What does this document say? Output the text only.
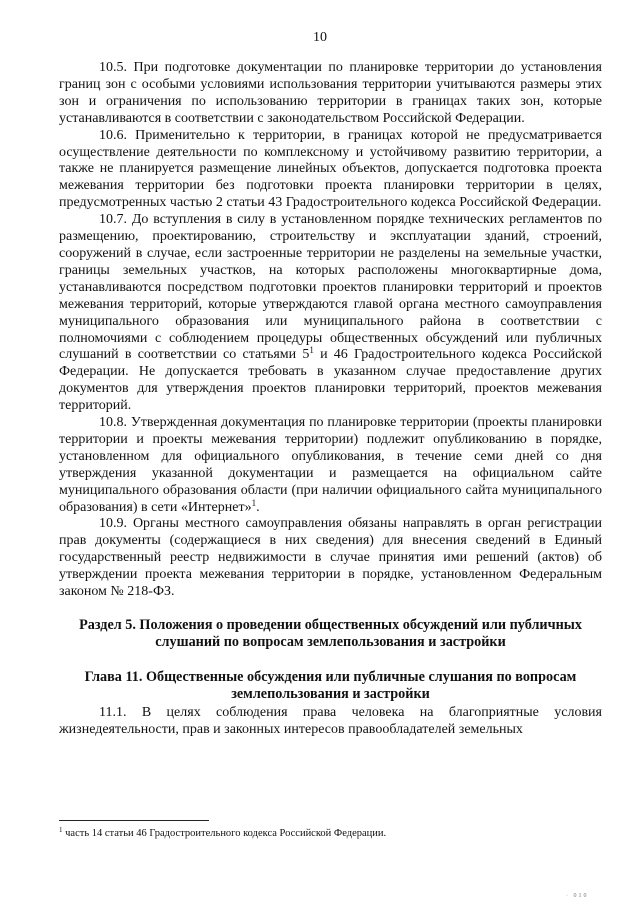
10

10.5. При подготовке документации по планировке территории до установления границ зон с особыми условиями использования территории учитываются размеры этих зон и ограничения по использованию территории в границах таких зон, которые устанавливаются в соответствии с законодательством Российской Федерации.

10.6. Применительно к территории, в границах которой не предусматривается осуществление деятельности по комплексному и устойчивому развитию территории, а также не планируется размещение линейных объектов, допускается подготовка проекта межевания территории без подготовки проекта планировки территории в целях, предусмотренных частью 2 статьи 43 Градостроительного кодекса Российской Федерации.

10.7. До вступления в силу в установленном порядке технических регламентов по размещению, проектированию, строительству и эксплуатации зданий, строений, сооружений в случае, если застроенные территории не разделены на земельные участки, границы земельных участков, на которых расположены многоквартирные дома, устанавливаются посредством подготовки проектов планировки территорий и проектов межевания территорий, которые утверждаются главой органа местного самоуправления муниципального образования или муниципального района в соответствии с полномочиями с соблюдением процедуры общественных обсуждений или публичных слушаний в соответствии со статьями $5^1$ и 46 Градостроительного кодекса Российской Федерации. Не допускается требовать в указанном случае предоставление других документов для утверждения проектов планировки территорий, проектов межевания территорий.

10.8. Утвержденная документация по планировке территории (проекты планировки территории и проекты межевания территории) подлежит опубликованию в порядке, установленном для официального опубликования, в течение семи дней со дня утверждения указанной документации и размещается на официальном сайте муниципального образования области (при наличии официального сайта муниципального образования) в сети «Интернет»$^1$.

10.9. Органы местного самоуправления обязаны направлять в орган регистрации прав документы (содержащиеся в них сведения) для внесения сведений в Единый государственный реестр недвижимости в случае принятия ими решений (актов) об утверждении проекта межевания территории в порядке, установленном Федеральным законом № 218-ФЗ.

Раздел 5. Положения о проведении общественных обсуждений или публичных слушаний по вопросам землепользования и застройки
Глава 11. Общественные обсуждения или публичные слушания по вопросам землепользования и застройки

11.1. В целях соблюдения права человека на благоприятные условия жизнедеятельности, прав и законных интересов правообладателей земельных

$^1$ часть 14 статьи 46 Градостроительного кодекса Российской Федерации.
· 010
